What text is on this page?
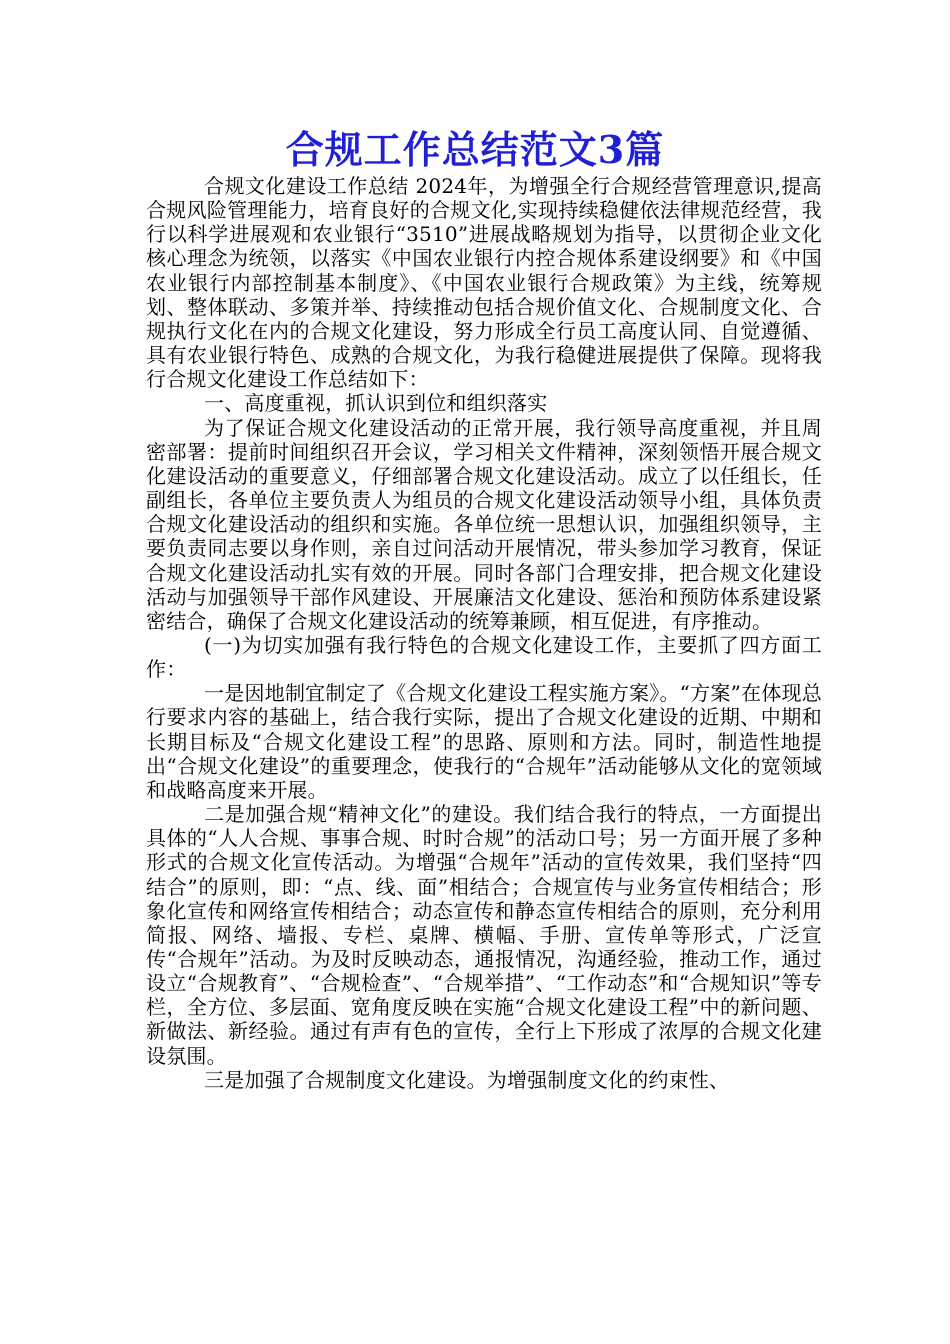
合规工作总结范文3篇

合规文化建设工作总结 2024年，为增强全行合规经营管理意识,提高合规风险管理能力，培育良好的合规文化,实现持续稳健依法律规范经营，我行以科学进展观和农业银行“3510”进展战略规划为指导，以贯彻企业文化核心理念为统领，以落实《中国农业银行内控合规体系建设纲要》和《中国农业银行内部控制基本制度》、《中国农业银行合规政策》为主线，统筹规划、整体联动、多策并举、持续推动包括合规价值文化、合规制度文化、合规执行文化在内的合规文化建设，努力形成全行员工高度认同、自觉遵循、具有农业银行特色、成熟的合规文化，为我行稳健进展提供了保障。现将我行合规文化建设工作总结如下：

一、高度重视，抓认识到位和组织落实

为了保证合规文化建设活动的正常开展，我行领导高度重视，并且周密部署：提前时间组织召开会议，学习相关文件精神，深刻领悟开展合规文化建设活动的重要意义，仔细部署合规文化建设活动。成立了以任组长，任副组长，各单位主要负责人为组员的合规文化建设活动领导小组，具体负责合规文化建设活动的组织和实施。各单位统一思想认识，加强组织领导，主要负责同志要以身作则，亲自过问活动开展情况，带头参加学习教育，保证合规文化建设活动扎实有效的开展。同时各部门合理安排，把合规文化建设活动与加强领导干部作风建设、开展廉洁文化建设、惩治和预防体系建设紧密结合，确保了合规文化建设活动的统筹兼顾，相互促进，有序推动。

(一)为切实加强有我行特色的合规文化建设工作，主要抓了四方面工作：

一是因地制宜制定了《合规文化建设工程实施方案》。“方案”在体现总行要求内容的基础上，结合我行实际，提出了合规文化建设的近期、中期和长期目标及“合规文化建设工程”的思路、原则和方法。同时，制造性地提出“合规文化建设”的重要理念，使我行的“合规年”活动能够从文化的宽领域和战略高度来开展。

二是加强合规“精神文化”的建设。我们结合我行的特点，一方面提出具体的“人人合规、事事合规、时时合规”的活动口号；另一方面开展了多种形式的合规文化宣传活动。为增强“合规年”活动的宣传效果，我们坚持“四结合”的原则，即：“点、线、面”相结合；合规宣传与业务宣传相结合；形象化宣传和网络宣传相结合；动态宣传和静态宣传相结合的原则，充分利用简报、网络、墙报、专栏、桌牌、横幅、手册、宣传单等形式，广泛宣传“合规年”活动。为及时反映动态，通报情况，沟通经验，推动工作，通过设立“合规教育”、“合规检查”、“合规举措”、“工作动态”和“合规知识”等专栏，全方位、多层面、宽角度反映在实施“合规文化建设工程”中的新问题、新做法、新经验。通过有声有色的宣传，全行上下形成了浓厚的合规文化建设氛围。

三是加强了合规制度文化建设。为增强制度文化的约束性、
